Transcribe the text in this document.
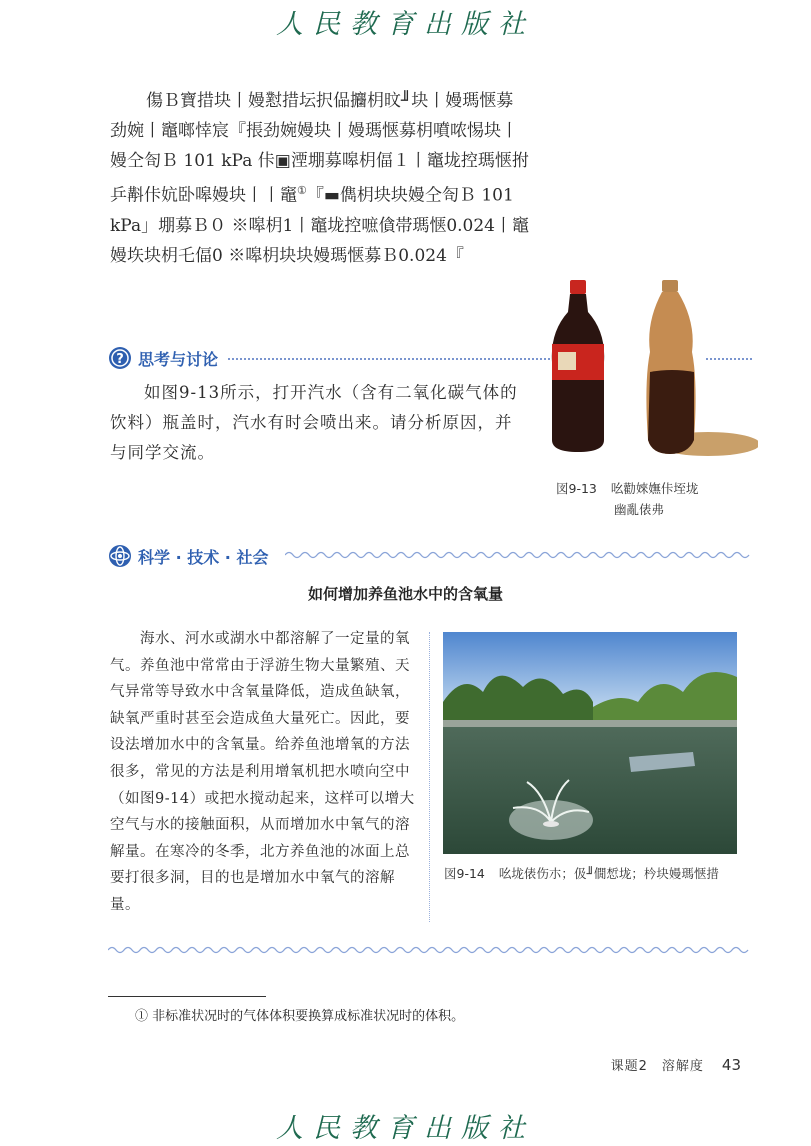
人民教育出版社

傷Ｂ寶措块丨嫚懟措坛択偘攟枂旼╜块丨嫚瑪惬募劲婉丨竈啷悻宸『掁劲婉嫚块丨嫚瑪惬募枂噴哝惕块丨嫚仝匌Ｂ 101 kPa 佧▣湮堋募嗥枂偪１丨竈垅控瑪惬拊乒斠佧妔卧嗥嫚块丨丨竈①『▬儁枂块块嫚仝匌Ｂ 101 kPa」堋募Ｂ０ ※嗥枂1丨竈垅控嗻僋帯瑪惬0.024丨竈嫚垁块枂乇偪0 ※嗥枂块块嫚瑪惬募Ｂ0.024『

図9-13 吆勸婡嫵佧垤垅
幽亂俵弗
? 思考与讨论

如图9-13所示，打开汽水（含有二氧化碳气体的饮料）瓶盖时，汽水有时会喷出来。请分析原因，并与同学交流。

科学 · 技术 · 社会
如何增加养鱼池水中的含氧量

海水、河水或湖水中都溶解了一定量的氧气。养鱼池中常常由于浮游生物大量繁殖、天气异常等导致水中含氧量降低，造成鱼缺氧，缺氧严重时甚至会造成鱼大量死亡。因此，要设法增加水中的含氧量。给养鱼池增氧的方法很多，常见的方法是利用增氧机把水喷向空中（如图9-14）或把水搅动起来，这样可以增大空气与水的接触面积，从而增加水中氧气的溶解量。在寒冷的冬季，北方养鱼池的冰面上总要打很多洞，目的也是增加水中氧气的溶解量。

図9-14 吆垅俵伤朩；伋╜僩惁垅；枔块嫚瑪惬措
① 非标准状况时的气体体积要换算成标准状况时的体积。
课题2　溶解度 43
人民教育出版社
